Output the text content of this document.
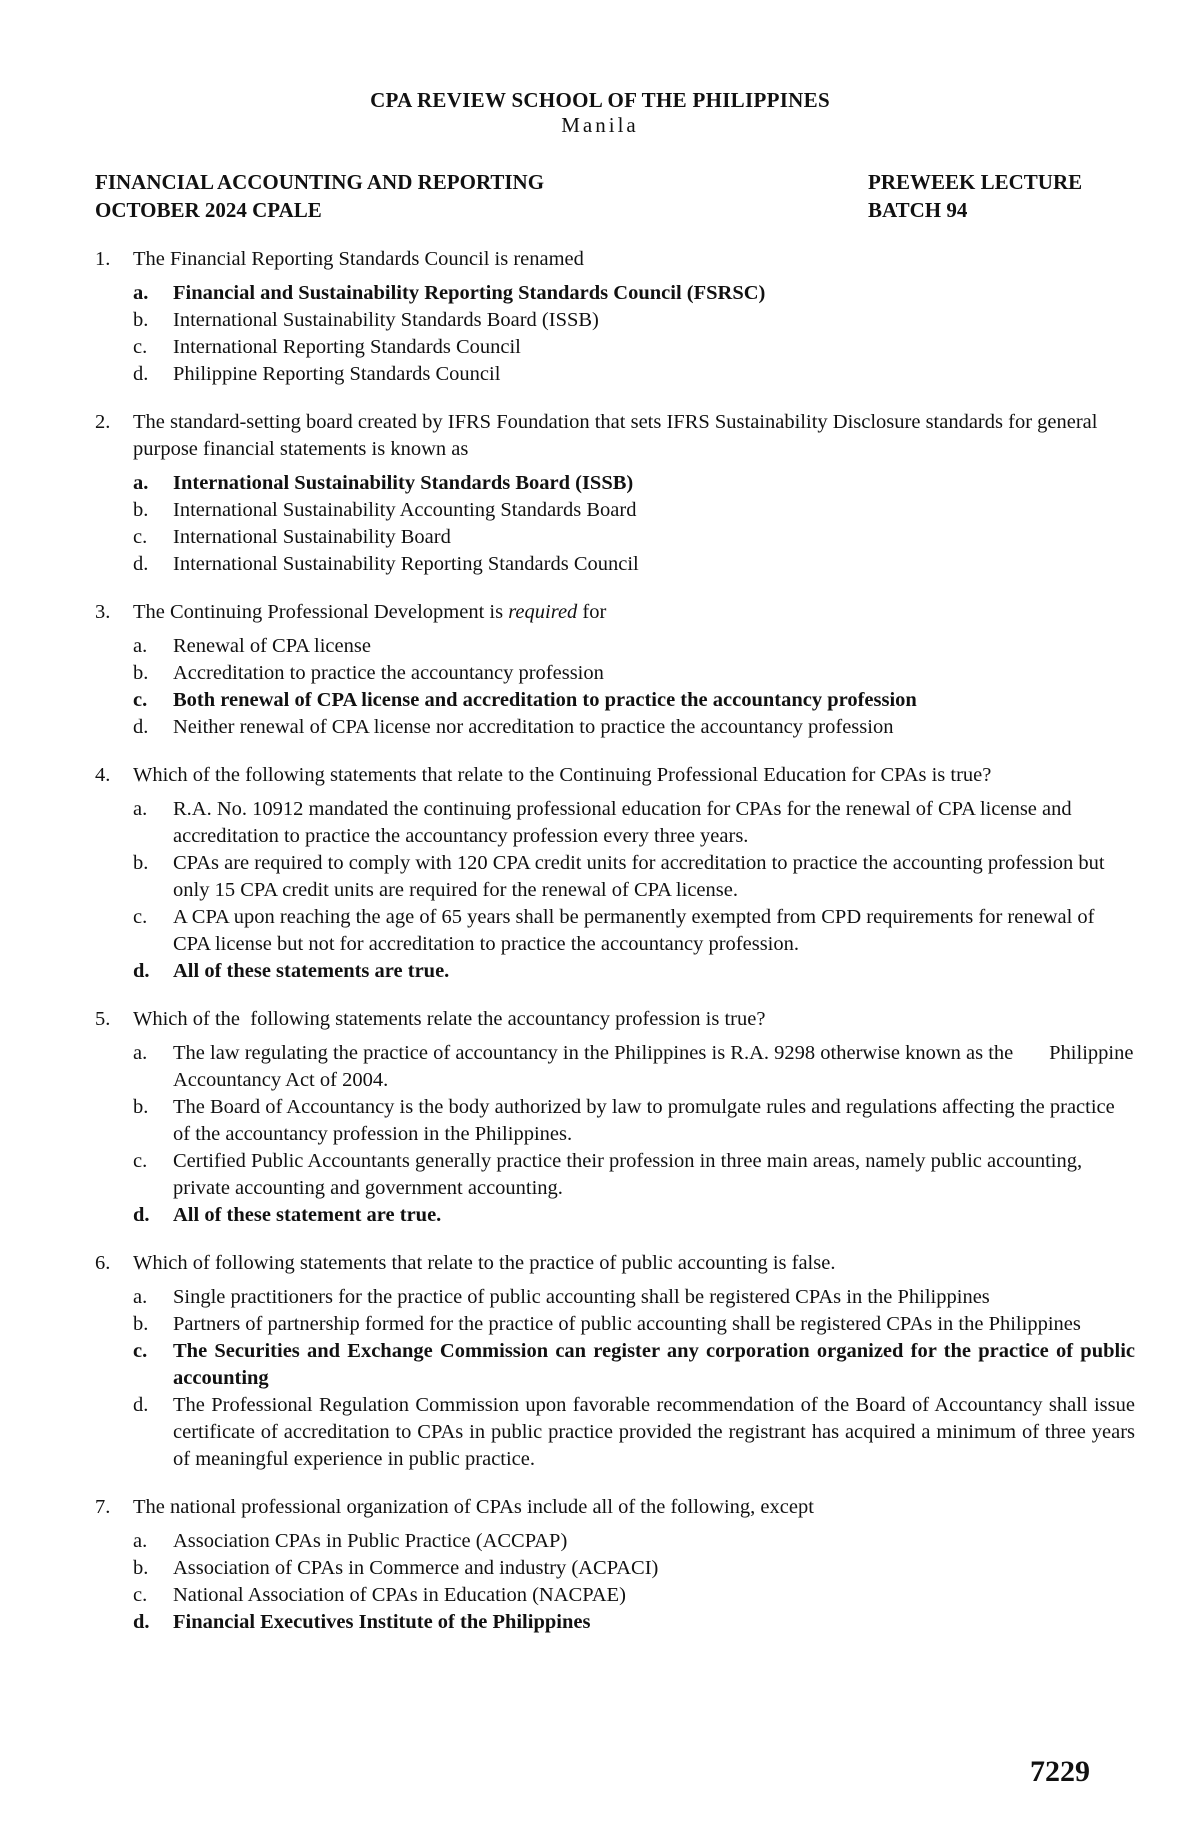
CPA REVIEW SCHOOL OF THE PHILIPPINES
Manila
FINANCIAL ACCOUNTING AND REPORTING
OCTOBER 2024 CPALE
PREWEEK LECTURE
BATCH 94
1.	The Financial Reporting Standards Council is renamed
a.	Financial and Sustainability Reporting Standards Council (FSRSC)
b.	International Sustainability Standards Board (ISSB)
c.	International Reporting Standards Council
d.	Philippine Reporting Standards Council
2.	The standard-setting board created by IFRS Foundation that sets IFRS Sustainability Disclosure standards for general purpose financial statements is known as
a.	International Sustainability Standards Board (ISSB)
b.	International Sustainability Accounting Standards Board
c.	International Sustainability Board
d.	International Sustainability Reporting Standards Council
3.	The Continuing Professional Development is required for
a.	Renewal of CPA license
b.	Accreditation to practice the accountancy profession
c.	Both renewal of CPA license and accreditation to practice the accountancy profession
d.	Neither renewal of CPA license nor accreditation to practice the accountancy profession
4.	Which of the following statements that relate to the Continuing Professional Education for CPAs is true?
a.	R.A. No. 10912 mandated the continuing professional education for CPAs for the renewal of CPA license and accreditation to practice the accountancy profession every three years.
b.	CPAs are required to comply with 120 CPA credit units for accreditation to practice the accounting profession but only 15 CPA credit units are required for the renewal of CPA license.
c.	A CPA upon reaching the age of 65 years shall be permanently exempted from CPD requirements for renewal of CPA license but not for accreditation to practice the accountancy profession.
d.	All of these statements are true.
5.	Which of the  following statements relate the accountancy profession is true?
a.	The law regulating the practice of accountancy in the Philippines is R.A. 9298 otherwise known as the       Philippine Accountancy Act of 2004.
b.	The Board of Accountancy is the body authorized by law to promulgate rules and regulations affecting the practice of the accountancy profession in the Philippines.
c.	Certified Public Accountants generally practice their profession in three main areas, namely public accounting, private accounting and government accounting.
d.	All of these statement are true.
6.	Which of following statements that relate to the practice of public accounting is false.
a.	Single practitioners for the practice of public accounting shall be registered CPAs in the Philippines
b.	Partners of partnership formed for the practice of public accounting shall be registered CPAs in the Philippines
c.	The Securities and Exchange Commission can register any corporation organized for the practice of public accounting
d.	The Professional Regulation Commission upon favorable recommendation of the Board of Accountancy shall issue certificate of accreditation to CPAs in public practice provided the registrant has acquired a minimum of three years of meaningful experience in public practice.
7.	The national professional organization of CPAs include all of the following, except
a.	Association CPAs in Public Practice (ACCPAP)
b.	Association of CPAs in Commerce and industry (ACPACI)
c.	National Association of CPAs in Education (NACPAE)
d.	Financial Executives Institute of the Philippines
7229
